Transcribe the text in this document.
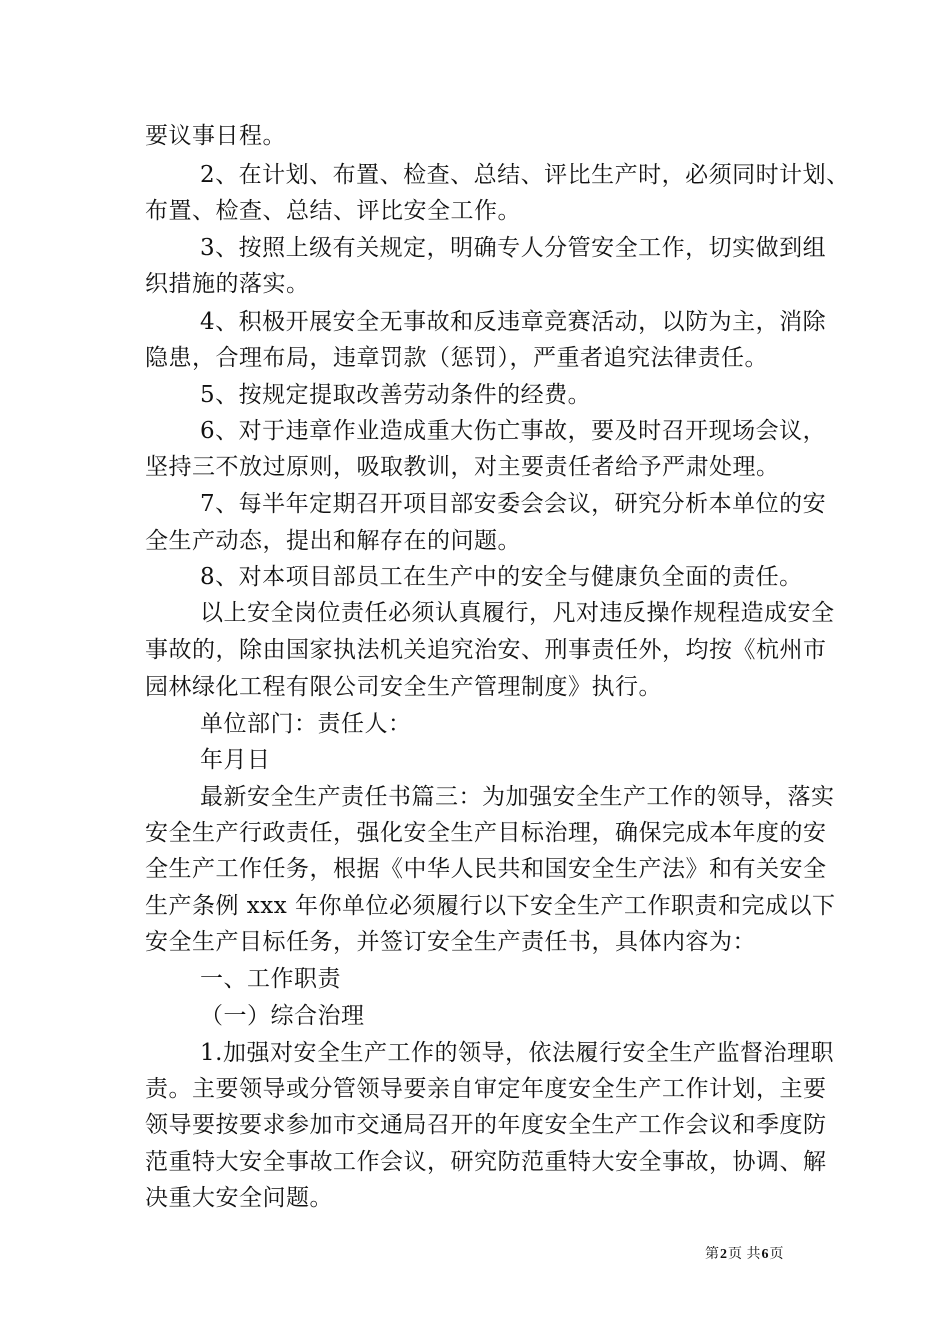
要议事日程。
2、在计划、布置、检查、总结、评比生产时，必须同时计划、
布置、检查、总结、评比安全工作。
3、按照上级有关规定，明确专人分管安全工作，切实做到组
织措施的落实。
4、积极开展安全无事故和反违章竞赛活动，以防为主，消除
隐患，合理布局，违章罚款（惩罚），严重者追究法律责任。
5、按规定提取改善劳动条件的经费。
6、对于违章作业造成重大伤亡事故，要及时召开现场会议，
坚持三不放过原则，吸取教训，对主要责任者给予严肃处理。
7、每半年定期召开项目部安委会会议，研究分析本单位的安
全生产动态，提出和解存在的问题。
8、对本项目部员工在生产中的安全与健康负全面的责任。
以上安全岗位责任必须认真履行，凡对违反操作规程造成安全
事故的，除由国家执法机关追究治安、刑事责任外，均按《杭州市
园林绿化工程有限公司安全生产管理制度》执行。
单位部门：责任人：
年月日
最新安全生产责任书篇三：为加强安全生产工作的领导，落实
安全生产行政责任，强化安全生产目标治理，确保完成本年度的安
全生产工作任务，根据《中华人民共和国安全生产法》和有关安全
生产条例 xxx 年你单位必须履行以下安全生产工作职责和完成以下
安全生产目标任务，并签订安全生产责任书，具体内容为：
一、工作职责
（一）综合治理
1.加强对安全生产工作的领导，依法履行安全生产监督治理职
责。主要领导或分管领导要亲自审定年度安全生产工作计划，主要
领导要按要求参加市交通局召开的年度安全生产工作会议和季度防
范重特大安全事故工作会议，研究防范重特大安全事故，协调、解
决重大安全问题。
第2页 共6页
